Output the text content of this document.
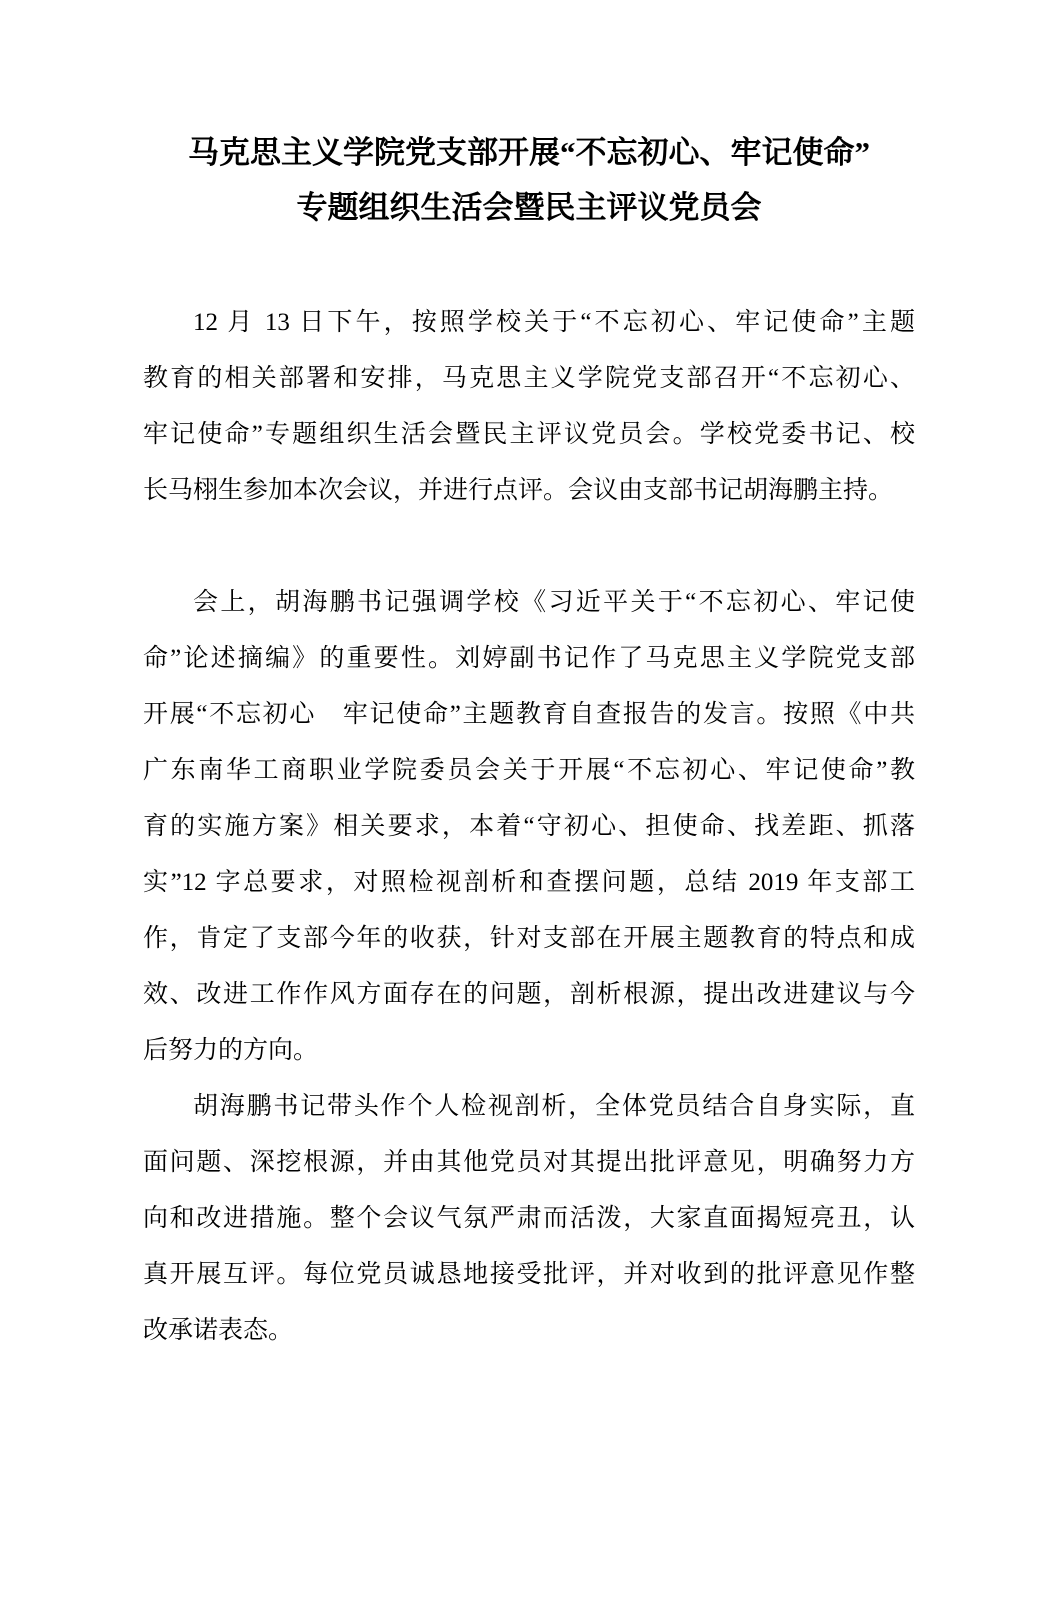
马克思主义学院党支部开展“不忘初心、牢记使命”
专题组织生活会暨民主评议党员会
12 月 13 日下午，按照学校关于“不忘初心、牢记使命”主题
教育的相关部署和安排，马克思主义学院党支部召开“不忘初心、
牢记使命”专题组织生活会暨民主评议党员会。学校党委书记、校
长马栩生参加本次会议，并进行点评。会议由支部书记胡海鹏主持。
会上，胡海鹏书记强调学校《习近平关于“不忘初心、牢记使
命”论述摘编》的重要性。刘婷副书记作了马克思主义学院党支部
开展“不忘初心　牢记使命”主题教育自查报告的发言。按照《中共
广东南华工商职业学院委员会关于开展“不忘初心、牢记使命”教
育的实施方案》相关要求，本着“守初心、担使命、找差距、抓落
实”12 字总要求，对照检视剖析和查摆问题，总结 2019 年支部工
作，肯定了支部今年的收获，针对支部在开展主题教育的特点和成
效、改进工作作风方面存在的问题，剖析根源，提出改进建议与今
后努力的方向。
胡海鹏书记带头作个人检视剖析，全体党员结合自身实际，直
面问题、深挖根源，并由其他党员对其提出批评意见，明确努力方
向和改进措施。整个会议气氛严肃而活泼，大家直面揭短亮丑，认
真开展互评。每位党员诚恳地接受批评，并对收到的批评意见作整
改承诺表态。
